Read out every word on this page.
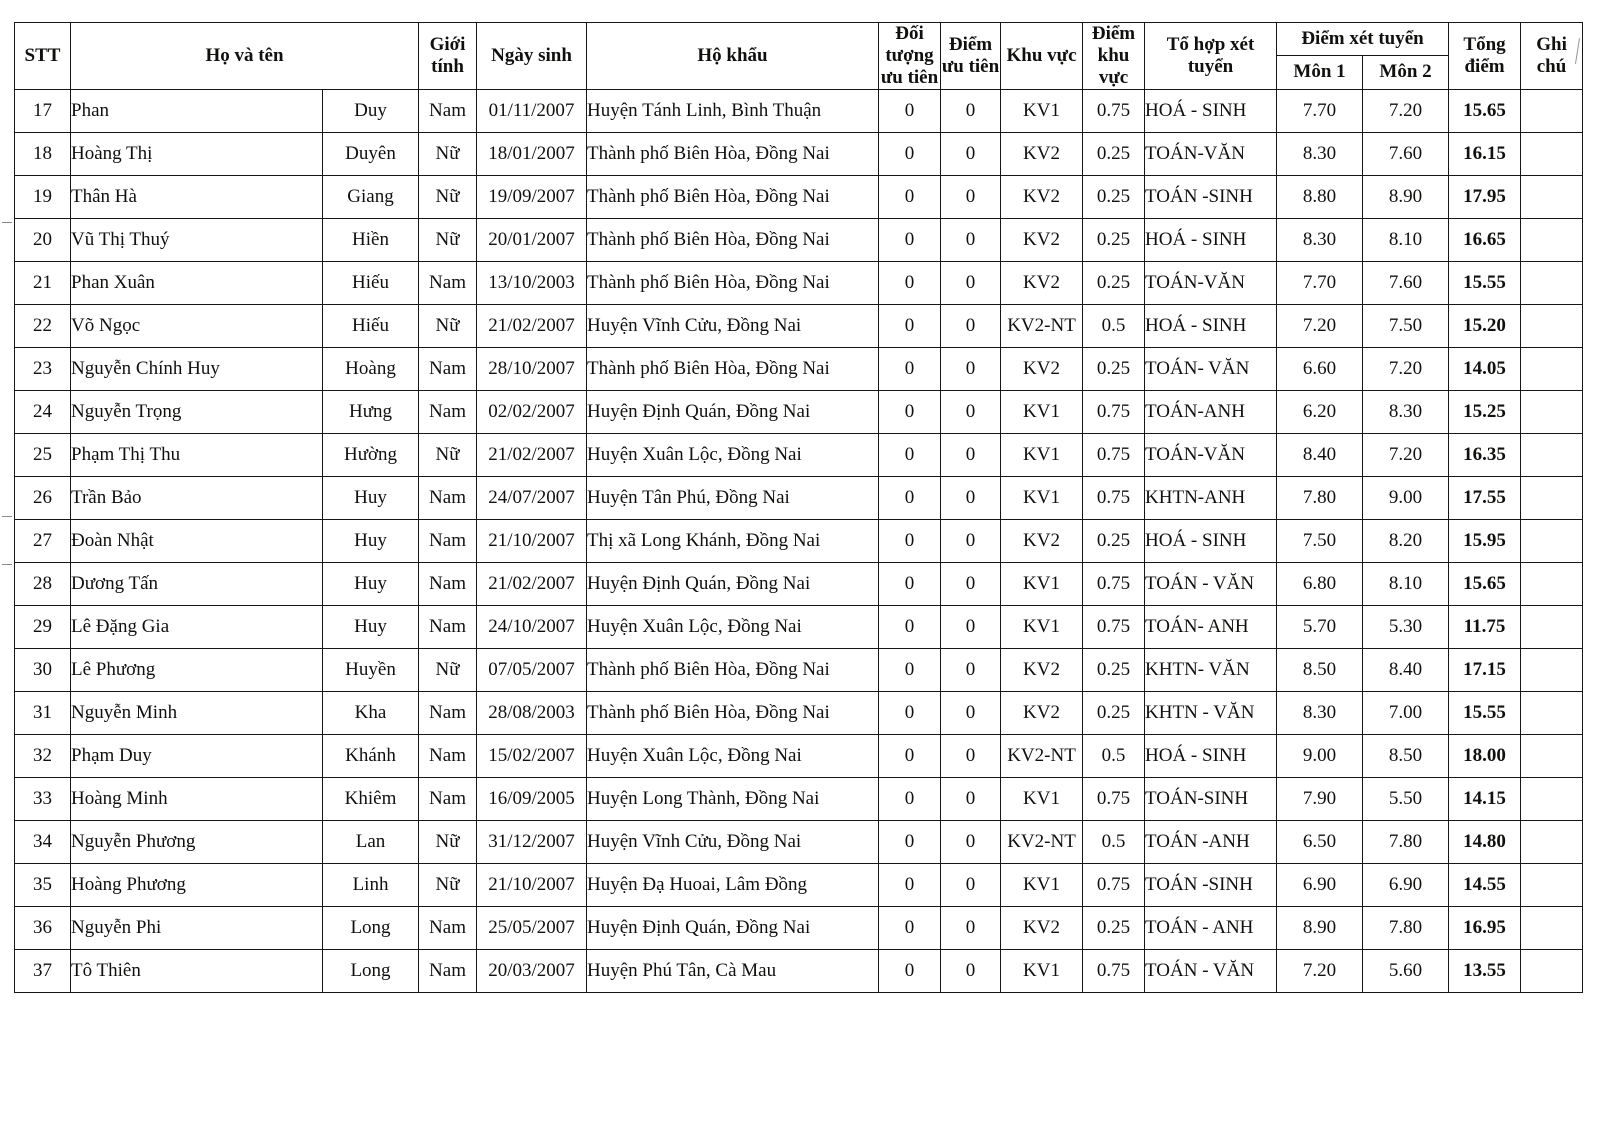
STT	Họ và tên		Giới tính	Ngày sinh	Hộ khẩu	Đối tượng ưu tiên	Điểm ưu tiên	Khu vực	Điểm khu vực	Tổ hợp xét tuyển	Điểm xét tuyển		Tổng điểm	Ghi chú
											Môn 1	Môn 2		
17	Phan	Duy	Nam	01/11/2007	Huyện Tánh Linh, Bình Thuận	0	0	KV1	0.75	HOÁ - SINH	7.70	7.20	15.65	
18	Hoàng Thị	Duyên	Nữ	18/01/2007	Thành phố Biên Hòa, Đồng Nai	0	0	KV2	0.25	TOÁN-VĂN	8.30	7.60	16.15	
19	Thân Hà	Giang	Nữ	19/09/2007	Thành phố Biên Hòa, Đồng Nai	0	0	KV2	0.25	TOÁN -SINH	8.80	8.90	17.95	
20	Vũ Thị Thuý	Hiền	Nữ	20/01/2007	Thành phố Biên Hòa, Đồng Nai	0	0	KV2	0.25	HOÁ - SINH	8.30	8.10	16.65	
21	Phan Xuân	Hiếu	Nam	13/10/2003	Thành phố Biên Hòa, Đồng Nai	0	0	KV2	0.25	TOÁN-VĂN	7.70	7.60	15.55	
22	Võ Ngọc	Hiếu	Nữ	21/02/2007	Huyện Vĩnh Cửu, Đồng Nai	0	0	KV2-NT	0.5	HOÁ - SINH	7.20	7.50	15.20	
23	Nguyễn Chính Huy	Hoàng	Nam	28/10/2007	Thành phố Biên Hòa, Đồng Nai	0	0	KV2	0.25	TOÁN- VĂN	6.60	7.20	14.05	
24	Nguyễn Trọng	Hưng	Nam	02/02/2007	Huyện Định Quán, Đồng Nai	0	0	KV1	0.75	TOÁN-ANH	6.20	8.30	15.25	
25	Phạm Thị Thu	Hường	Nữ	21/02/2007	Huyện Xuân Lộc, Đồng Nai	0	0	KV1	0.75	TOÁN-VĂN	8.40	7.20	16.35	
26	Trần Bảo	Huy	Nam	24/07/2007	Huyện Tân Phú, Đồng Nai	0	0	KV1	0.75	KHTN-ANH	7.80	9.00	17.55	
27	Đoàn Nhật	Huy	Nam	21/10/2007	Thị xã Long Khánh, Đồng Nai	0	0	KV2	0.25	HOÁ - SINH	7.50	8.20	15.95	
28	Dương Tấn	Huy	Nam	21/02/2007	Huyện Định Quán, Đồng Nai	0	0	KV1	0.75	TOÁN - VĂN	6.80	8.10	15.65	
29	Lê Đặng Gia	Huy	Nam	24/10/2007	Huyện Xuân Lộc, Đồng Nai	0	0	KV1	0.75	TOÁN- ANH	5.70	5.30	11.75	
30	Lê Phương	Huyền	Nữ	07/05/2007	Thành phố Biên Hòa, Đồng Nai	0	0	KV2	0.25	KHTN- VĂN	8.50	8.40	17.15	
31	Nguyễn Minh	Kha	Nam	28/08/2003	Thành phố Biên Hòa, Đồng Nai	0	0	KV2	0.25	KHTN - VĂN	8.30	7.00	15.55	
32	Phạm Duy	Khánh	Nam	15/02/2007	Huyện Xuân Lộc, Đồng Nai	0	0	KV2-NT	0.5	HOÁ - SINH	9.00	8.50	18.00	
33	Hoàng Minh	Khiêm	Nam	16/09/2005	Huyện Long Thành, Đồng Nai	0	0	KV1	0.75	TOÁN-SINH	7.90	5.50	14.15	
34	Nguyễn Phương	Lan	Nữ	31/12/2007	Huyện Vĩnh Cửu, Đồng Nai	0	0	KV2-NT	0.5	TOÁN -ANH	6.50	7.80	14.80	
35	Hoàng Phương	Linh	Nữ	21/10/2007	Huyện Đạ Huoai, Lâm Đồng	0	0	KV1	0.75	TOÁN -SINH	6.90	6.90	14.55	
36	Nguyễn Phi	Long	Nam	25/05/2007	Huyện Định Quán, Đồng Nai	0	0	KV2	0.25	TOÁN - ANH	8.90	7.80	16.95	
37	Tô Thiên	Long	Nam	20/03/2007	Huyện Phú Tân, Cà Mau	0	0	KV1	0.75	TOÁN - VĂN	7.20	5.60	13.55	
